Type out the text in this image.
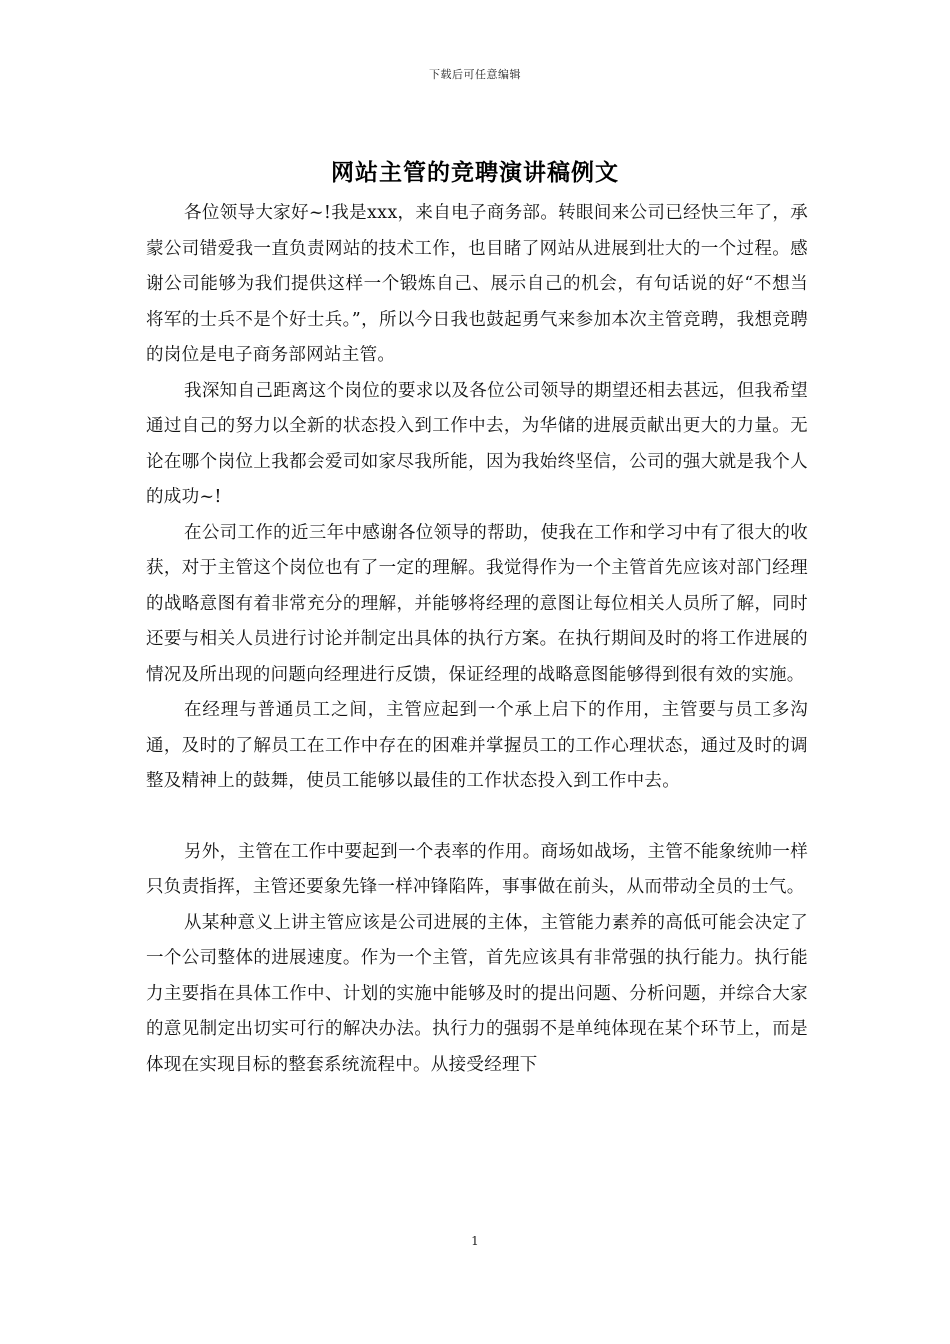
下载后可任意编辑
网站主管的竞聘演讲稿例文

各位领导大家好~!我是xxx，来自电子商务部。转眼间来公司已经快三年了，承蒙公司错爱我一直负责网站的技术工作，也目睹了网站从进展到壮大的一个过程。感谢公司能够为我们提供这样一个锻炼自己、展示自己的机会，有句话说的好“不想当将军的士兵不是个好士兵。”，所以今日我也鼓起勇气来参加本次主管竞聘，我想竞聘的岗位是电子商务部网站主管。

我深知自己距离这个岗位的要求以及各位公司领导的期望还相去甚远，但我希望通过自己的努力以全新的状态投入到工作中去，为华储的进展贡献出更大的力量。无论在哪个岗位上我都会爱司如家尽我所能，因为我始终坚信，公司的强大就是我个人的成功~!

在公司工作的近三年中感谢各位领导的帮助，使我在工作和学习中有了很大的收获，对于主管这个岗位也有了一定的理解。我觉得作为一个主管首先应该对部门经理的战略意图有着非常充分的理解，并能够将经理的意图让每位相关人员所了解，同时还要与相关人员进行讨论并制定出具体的执行方案。在执行期间及时的将工作进展的情况及所出现的问题向经理进行反馈，保证经理的战略意图能够得到很有效的实施。

在经理与普通员工之间，主管应起到一个承上启下的作用，主管要与员工多沟通，及时的了解员工在工作中存在的困难并掌握员工的工作心理状态，通过及时的调整及精神上的鼓舞，使员工能够以最佳的工作状态投入到工作中去。

另外，主管在工作中要起到一个表率的作用。商场如战场，主管不能象统帅一样只负责指挥，主管还要象先锋一样冲锋陷阵，事事做在前头，从而带动全员的士气。

从某种意义上讲主管应该是公司进展的主体，主管能力素养的高低可能会决定了一个公司整体的进展速度。作为一个主管，首先应该具有非常强的执行能力。执行能力主要指在具体工作中、计划的实施中能够及时的提出问题、分析问题，并综合大家的意见制定出切实可行的解决办法。执行力的强弱不是单纯体现在某个环节上，而是体现在实现目标的整套系统流程中。从接受经理下

1
